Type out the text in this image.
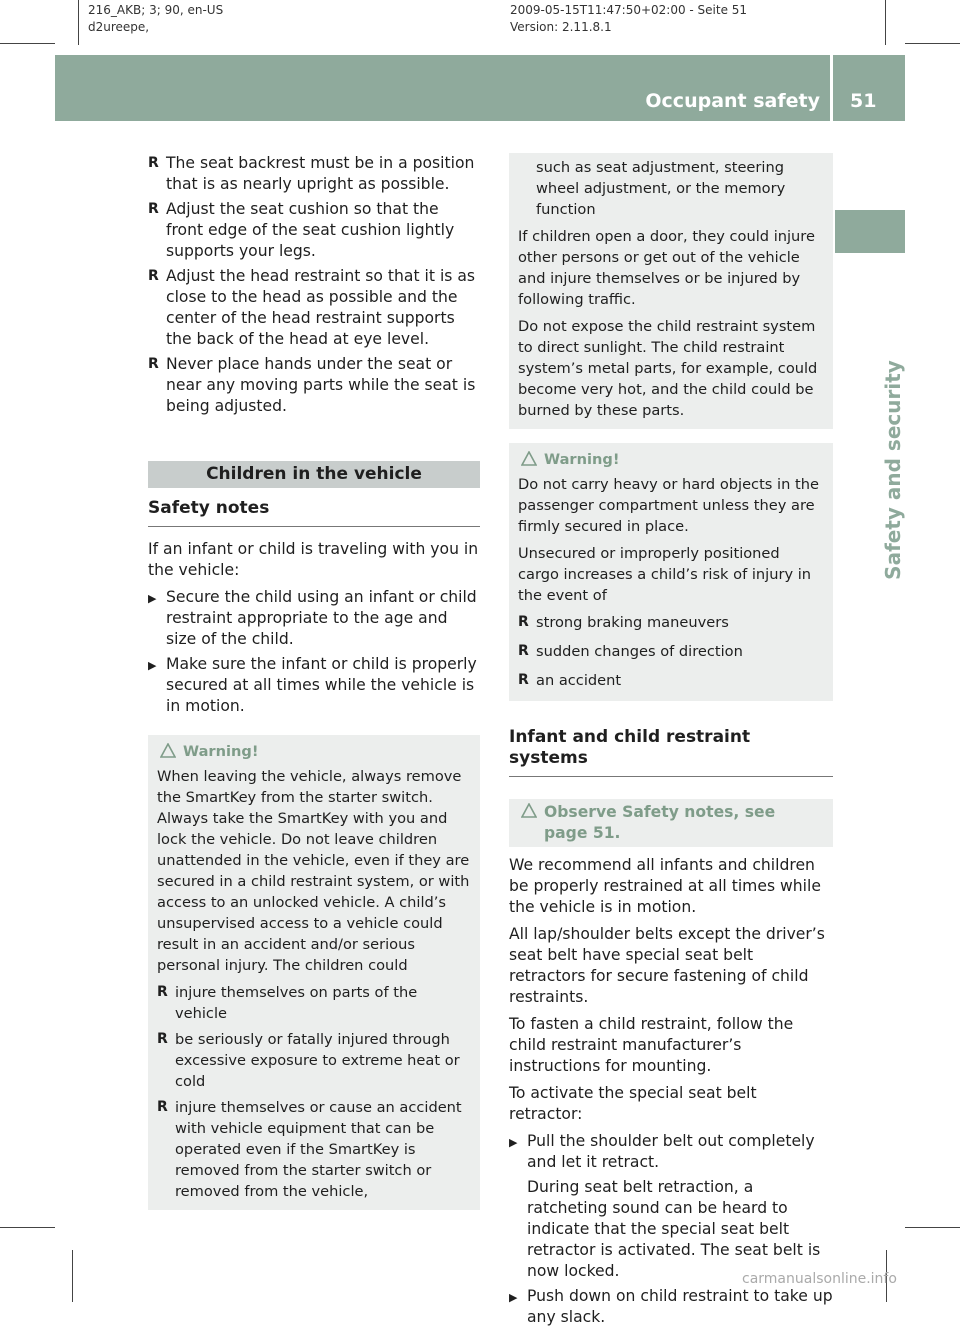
216_AKB; 3; 90, en-US
d2ureepe,
2009-05-15T11:47:50+02:00 - Seite 51
Version: 2.11.8.1
Occupant safety 51
Safety and security
R The seat backrest must be in a position that is as nearly upright as possible.
R Adjust the seat cushion so that the front edge of the seat cushion lightly supports your legs.
R Adjust the head restraint so that it is as close to the head as possible and the center of the head restraint supports the back of the head at eye level.
R Never place hands under the seat or near any moving parts while the seat is being adjusted.
Children in the vehicle
Safety notes

If an infant or child is traveling with you in the vehicle:

▶ Secure the child using an infant or child restraint appropriate to the age and size of the child.
▶ Make sure the infant or child is properly secured at all times while the vehicle is in motion.
Warning!

When leaving the vehicle, always remove the SmartKey from the starter switch. Always take the SmartKey with you and lock the vehicle. Do not leave children unattended in the vehicle, even if they are secured in a child restraint system, or with access to an unlocked vehicle. A child’s unsupervised access to a vehicle could result in an accident and/or serious personal injury. The children could

R injure themselves on parts of the vehicle
R be seriously or fatally injured through excessive exposure to extreme heat or cold
R injure themselves or cause an accident with vehicle equipment that can be operated even if the SmartKey is removed from the starter switch or removed from the vehicle,

such as seat adjustment, steering wheel adjustment, or the memory function

If children open a door, they could injure other persons or get out of the vehicle and injure themselves or be injured by following traffic.

Do not expose the child restraint system to direct sunlight. The child restraint system’s metal parts, for example, could become very hot, and the child could be burned by these parts.

Warning!

Do not carry heavy or hard objects in the passenger compartment unless they are firmly secured in place.

Unsecured or improperly positioned cargo increases a child’s risk of injury in the event of

R strong braking maneuvers
R sudden changes of direction
R an accident
Infant and child restraint systems
Observe Safety notes, see page 51.

We recommend all infants and children be properly restrained at all times while the vehicle is in motion.

All lap/shoulder belts except the driver’s seat belt have special seat belt retractors for secure fastening of child restraints.

To fasten a child restraint, follow the child restraint manufacturer’s instructions for mounting.

To activate the special seat belt retractor:

▶ Pull the shoulder belt out completely and let it retract.
During seat belt retraction, a ratcheting sound can be heard to indicate that the special seat belt retractor is activated. The seat belt is now locked.
▶ Push down on child restraint to take up any slack.
carmanualsonline.info
